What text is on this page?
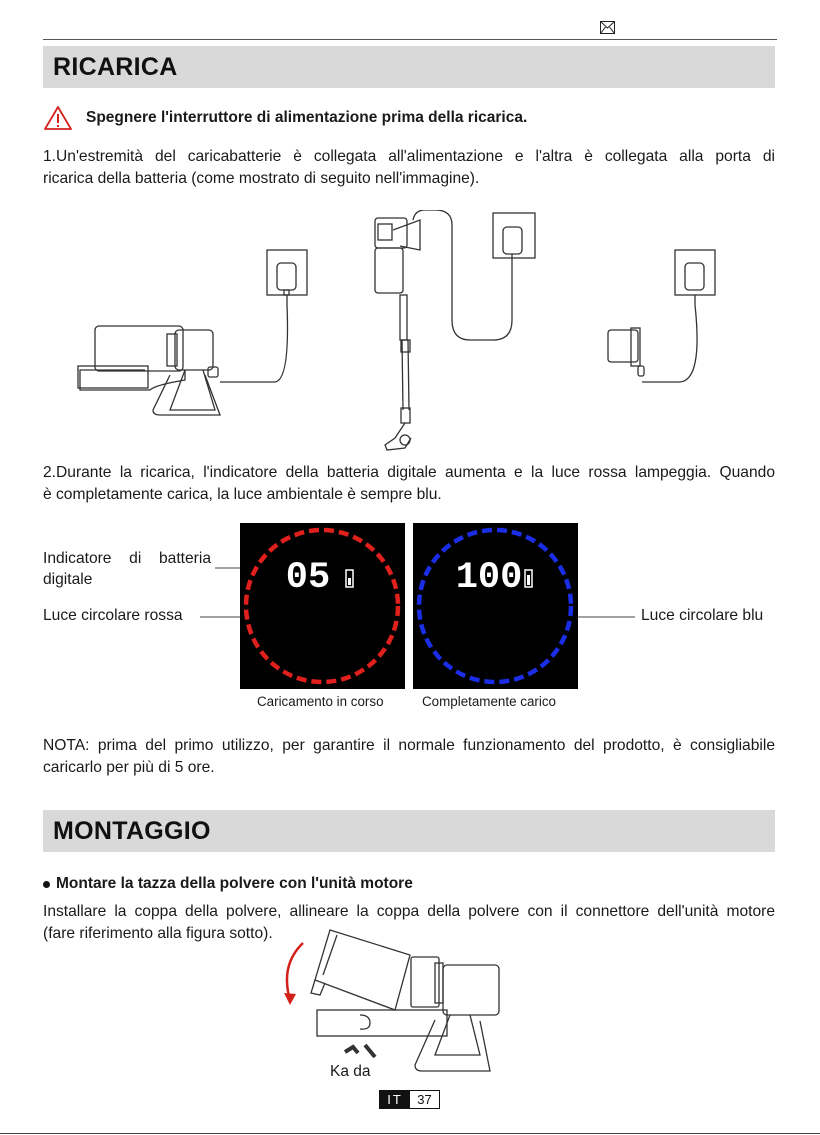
RICARICA
Spegnere l'interruttore di alimentazione prima della ricarica.
1.Un'estremità del caricabatterie è collegata all'alimentazione e l'altra è collegata alla porta di
ricarica della batteria (come mostrato di seguito nell'immagine).
2.Durante la ricarica, l'indicatore della batteria digitale aumenta e la luce rossa lampeggia. Quando
è completamente carica, la luce ambientale è sempre blu.
Indicatore di batteria
digitale
Luce circolare rossa	Luce circolare blu
05	100
Caricamento in corso	Completamente carico
NOTA: prima del primo utilizzo, per garantire il normale funzionamento del prodotto, è consigliabile
caricarlo per più di 5 ore.
MONTAGGIO
Montare la tazza della polvere con l'unità motore
Installare la coppa della polvere, allineare la coppa della polvere con il connettore dell'unità motore
(fare riferimento alla figura sotto).
Ka da
IT	37
